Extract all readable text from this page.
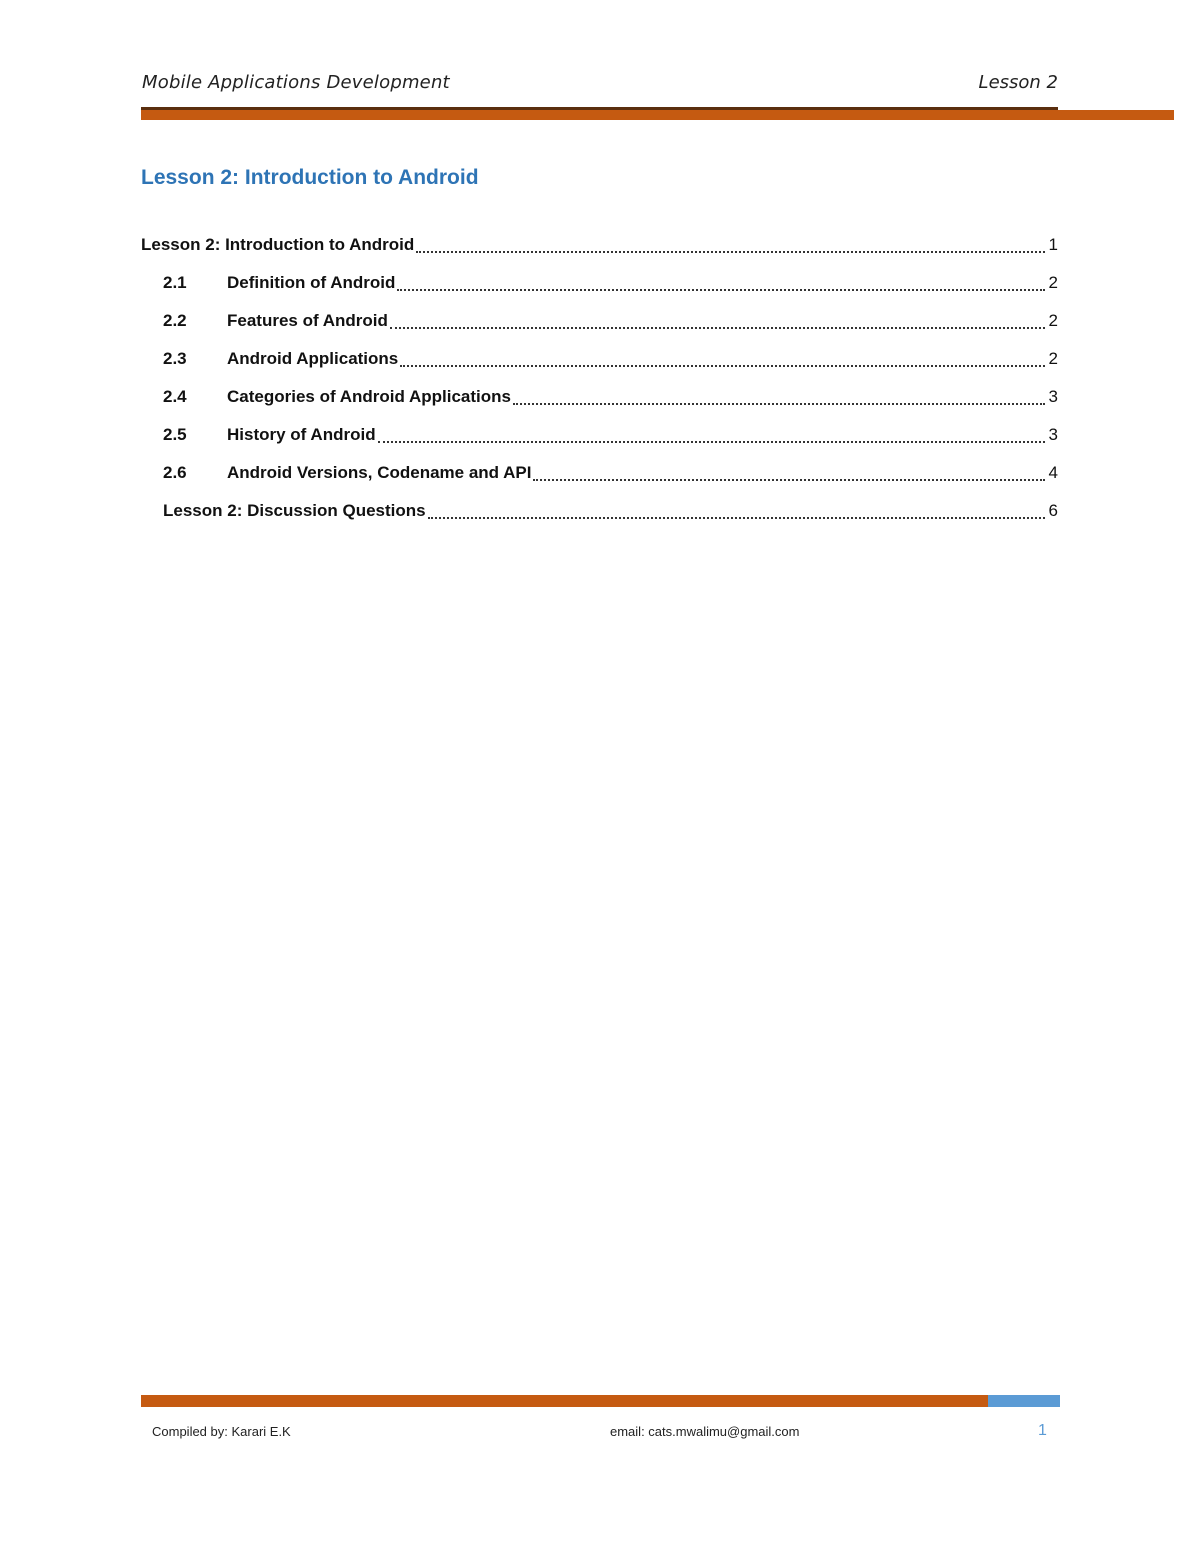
Mobile Applications Development	Lesson 2
Lesson 2: Introduction to Android
Lesson 2: Introduction to Android	1
2.1	Definition of Android	2
2.2	Features of Android	2
2.3	Android Applications	2
2.4	Categories of Android Applications	3
2.5	History of Android	3
2.6	Android Versions, Codename and API	4
Lesson 2: Discussion Questions	6
Compiled by: Karari E.K	email: cats.mwalimu@gmail.com	1
